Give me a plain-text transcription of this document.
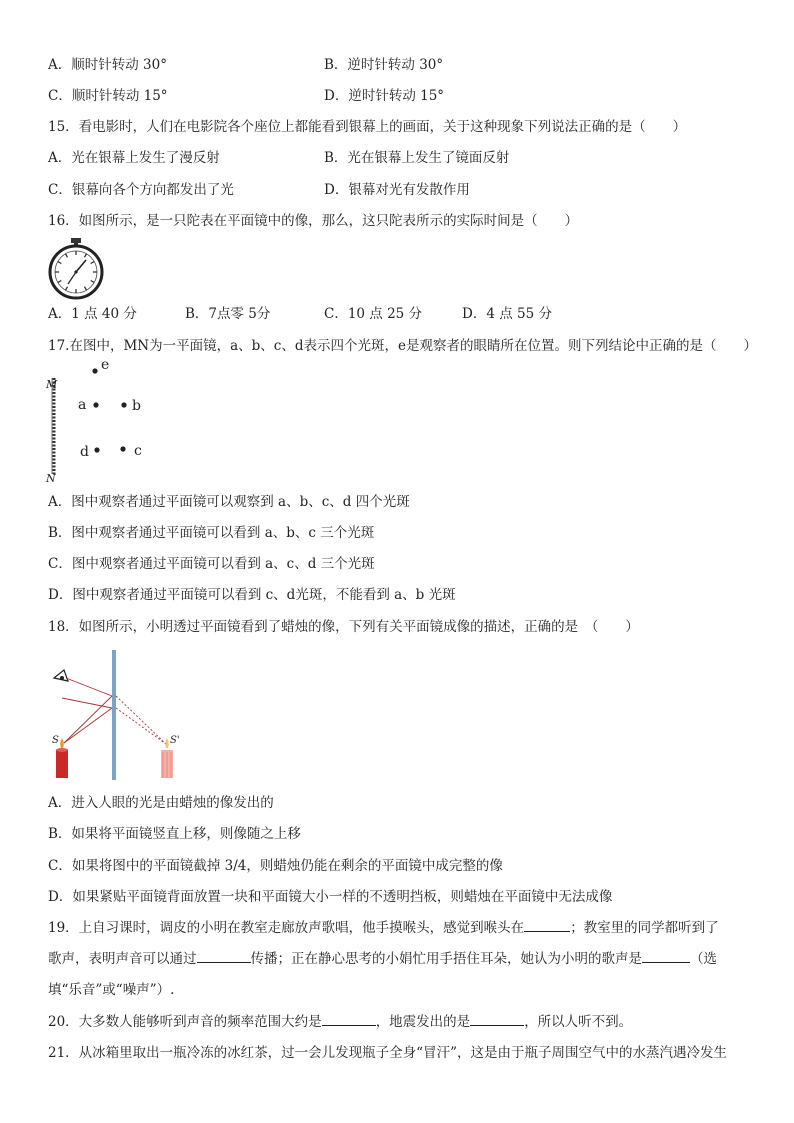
A．顺时针转动 30°	B．逆时针转动 30°
C．顺时针转动 15°	D．逆时针转动 15°
15．看电影时，人们在电影院各个座位上都能看到银幕上的画面，关于这种现象下列说法正确的是（　　）
A．光在银幕上发生了漫反射	B．光在银幕上发生了镜面反射
C．银幕向各个方向都发出了光	D．银幕对光有发散作用
16．如图所示，是一只陀表在平面镜中的像，那么，这只陀表所示的实际时间是（　　）
A．1 点 40 分	B．7点零 5分	C．10 点 25 分	D．4 点 55 分
17.在图中，MN为一平面镜，a、b、c、d表示四个光斑，e是观察者的眼睛所在位置。则下列结论中正确的是（　　）
M
N
e
a	b
d	c
A．图中观察者通过平面镜可以观察到 a、b、c、d 四个光斑
B．图中观察者通过平面镜可以看到 a、b、c 三个光斑
C．图中观察者通过平面镜可以看到 a、c、d 三个光斑
D．图中观察者通过平面镜可以看到 c、d光斑，不能看到 a、b 光斑
18．如图所示，小明透过平面镜看到了蜡烛的像，下列有关平面镜成像的描述，正确的是　（　　）
S	S'
A．进入人眼的光是由蜡烛的像发出的
B．如果将平面镜竖直上移，则像随之上移
C．如果将图中的平面镜截掉 3/4，则蜡烛仍能在剩余的平面镜中成完整的像
D．如果紧贴平面镜背面放置一块和平面镜大小一样的不透明挡板，则蜡烛在平面镜中无法成像
19．上自习课时，调皮的小明在教室走廊放声歌唱，他手摸喉头，感觉到喉头在	；教室里的同学都听到了
歌声，表明声音可以通过	传播；正在静心思考的小娟忙用手捂住耳朵，她认为小明的歌声是	（选
填“乐音”或“噪声”）.
20．大多数人能够听到声音的频率范围大约是	，地震发出的是	，所以人听不到。
21．从冰箱里取出一瓶冷冻的冰红茶，过一会儿发现瓶子全身“冒汗”，这是由于瓶子周围空气中的水蒸汽遇冷发生
